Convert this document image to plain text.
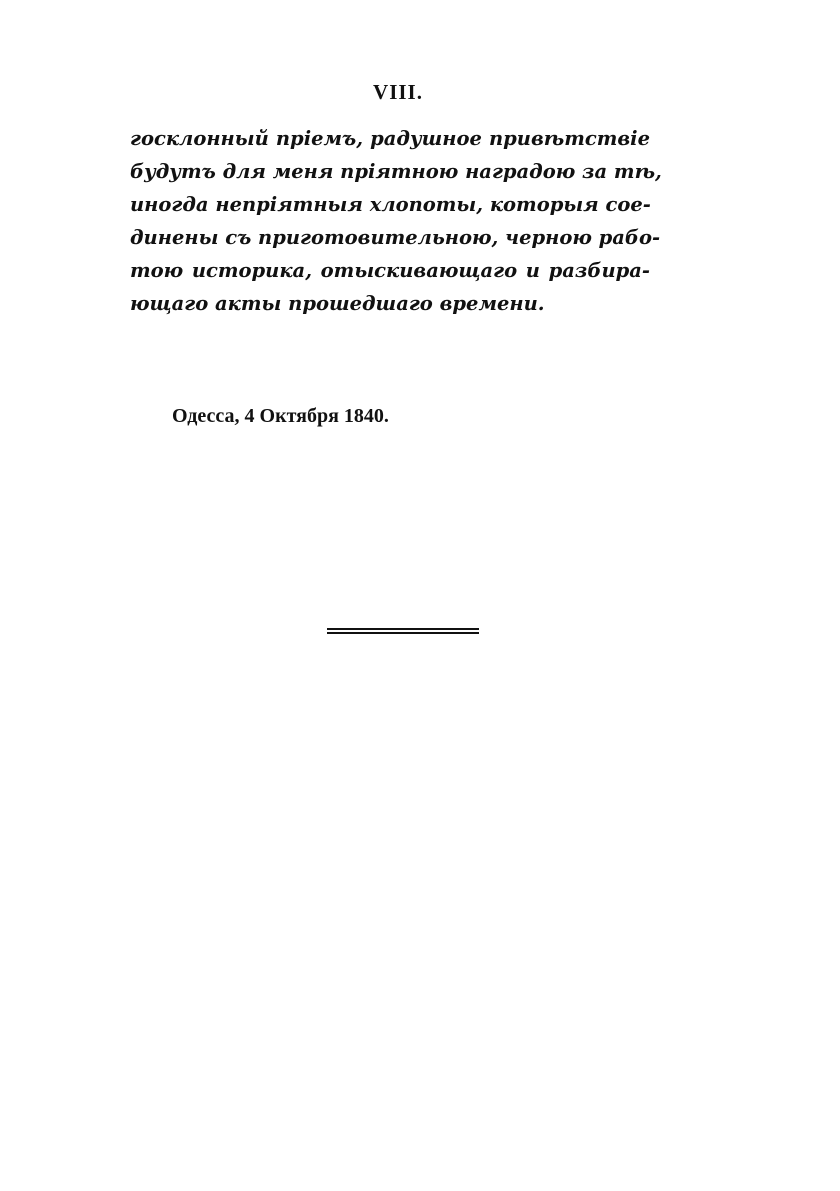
VIII.
госклонный прieмъ, радушное привѣтствiе
будутъ для меня прiятною наградою за тѣ,
иногда непрiятныя хлопоты, которыя сое-
динены съ приготовительною, черною рабо-
тою историка, отыскивающаго и разбира-
ющаго акты прошедшаго времени.
Одесса, 4 Октября 1840.
